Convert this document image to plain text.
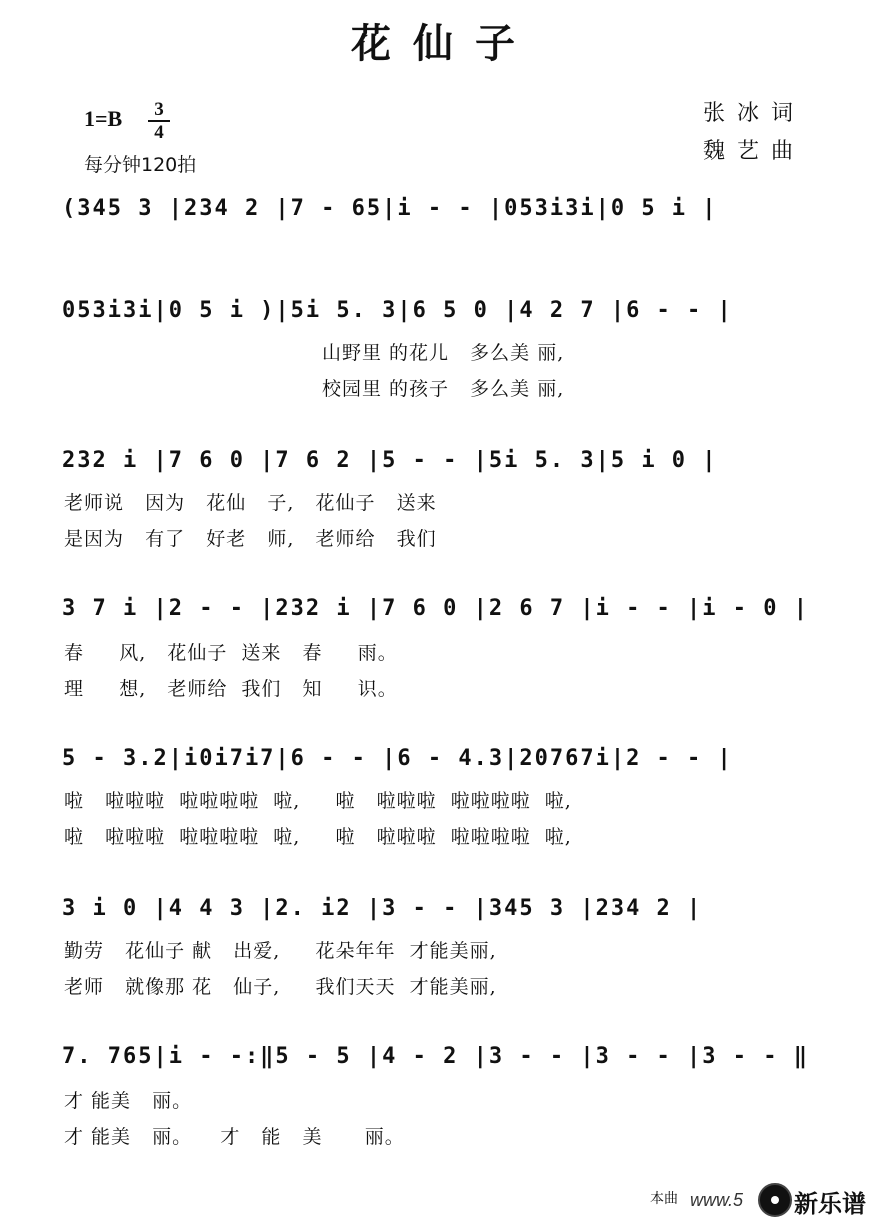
花仙子
1=B	3
4
每分钟120拍
张冰词
魏艺曲
(345 3 |234 2 |7 - 65|i - - |053i3i|0 5 i |
053i3i|0 5 i )|5i 5. 3|6 5 0 |4 2 7 |6 - - |
山野里 的花儿   多么美 丽,
校园里 的孩子   多么美 丽,
232 i |7 6 0 |7 6 2 |5 - - |5i 5. 3|5 i 0 |
老师说   因为   花仙   子,   花仙子   送来
是因为   有了   好老   师,   老师给   我们
3 7 i |2 - - |232 i |7 6 0 |2 6 7 |i - - |i - 0 |
春     风,   花仙子  送来   春     雨。
理     想,   老师给  我们   知     识。
5 - 3.2|i0i7i7|6 - - |6 - 4.3|20767i|2 - - |
啦   啦啦啦  啦啦啦啦  啦,     啦   啦啦啦  啦啦啦啦  啦,
啦   啦啦啦  啦啦啦啦  啦,     啦   啦啦啦  啦啦啦啦  啦,
3 i 0 |4 4 3 |2. i2 |3 - - |345 3 |234 2 |
勤劳   花仙子 献   出爱,     花朵年年  才能美丽,
老师   就像那 花   仙子,     我们天天  才能美丽,
7. 765|i - -:‖5 - 5 |4 - 2 |3 - - |3 - - |3 - - ‖
才 能美   丽。
才 能美   丽。    才   能   美      丽。
本曲 www.5 新乐谱
